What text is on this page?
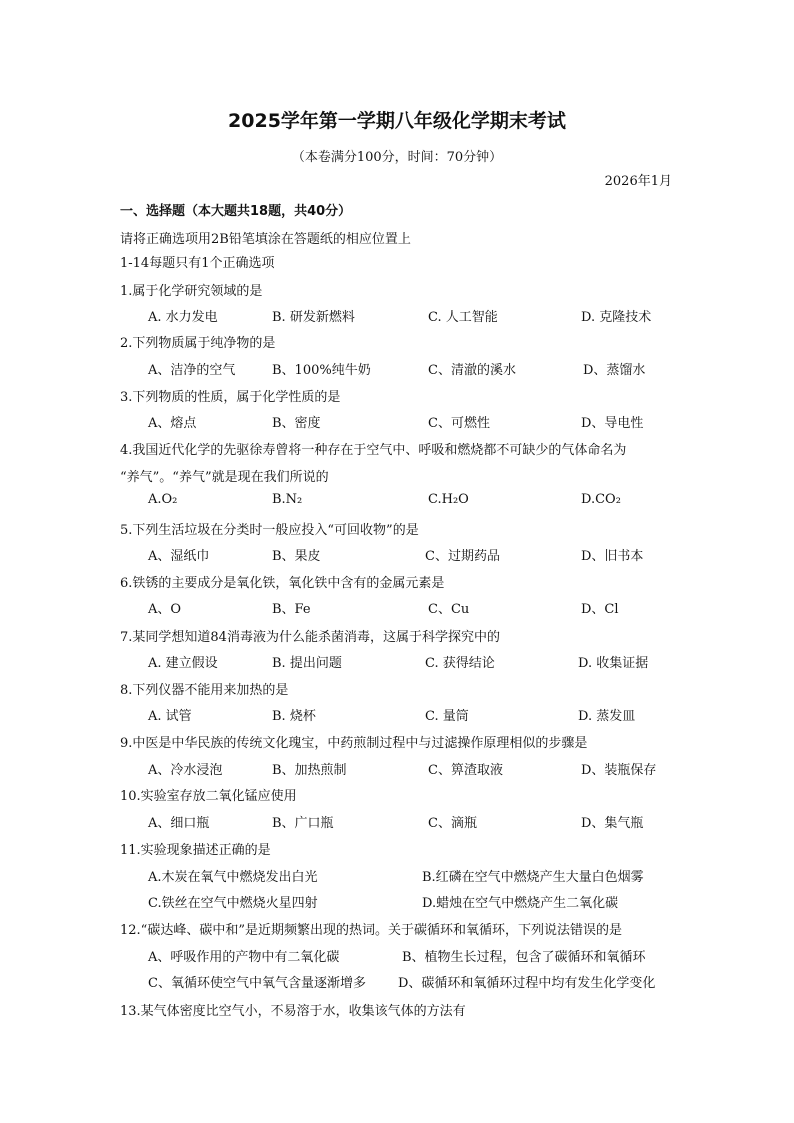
2025学年第一学期八年级化学期末考试
（本卷满分100分，时间：70分钟）
2026年1月
一、选择题（本大题共18题，共40分）
请将正确选项用2B铅笔填涂在答题纸的相应位置上
1-14每题只有1个正确选项
1.属于化学研究领域的是
A. 水力发电	B. 研发新燃料	C. 人工智能	D. 克隆技术
2.下列物质属于纯净物的是
A、洁净的空气	B、100%纯牛奶	C、清澈的溪水	D、蒸馏水
3.下列物质的性质，属于化学性质的是
A、熔点	B、密度	C、可燃性	D、导电性
4.我国近代化学的先驱徐寿曾将一种存在于空气中、呼吸和燃烧都不可缺少的气体命名为
“养气”。“养气”就是现在我们所说的
A.O₂	B.N₂	C.H₂O	D.CO₂
5.下列生活垃圾在分类时一般应投入“可回收物”的是
A、湿纸巾	B、果皮	C、过期药品	D、旧书本
6.铁锈的主要成分是氧化铁，氧化铁中含有的金属元素是
A、O	B、Fe	C、Cu	D、Cl
7.某同学想知道84消毒液为什么能杀菌消毒，这属于科学探究中的
A. 建立假设	B. 提出问题	C. 获得结论	D. 收集证据
8.下列仪器不能用来加热的是
A. 试管	B. 烧杯	C. 量筒	D. 蒸发皿
9.中医是中华民族的传统文化瑰宝，中药煎制过程中与过滤操作原理相似的步骤是
A、冷水浸泡	B、加热煎制	C、箅渣取液	D、装瓶保存
10.实验室存放二氧化锰应使用
A、细口瓶	B、广口瓶	C、滴瓶	D、集气瓶
11.实验现象描述正确的是
A.木炭在氧气中燃烧发出白光	B.红磷在空气中燃烧产生大量白色烟雾
C.铁丝在空气中燃烧火星四射	D.蜡烛在空气中燃烧产生二氧化碳
12.“碳达峰、碳中和”是近期频繁出现的热词。关于碳循环和氧循环，下列说法错误的是
A、呼吸作用的产物中有二氧化碳	B、植物生长过程，包含了碳循环和氧循环
C、氧循环使空气中氧气含量逐渐增多 D、碳循环和氧循环过程中均有发生化学变化
13.某气体密度比空气小，不易溶于水，收集该气体的方法有
